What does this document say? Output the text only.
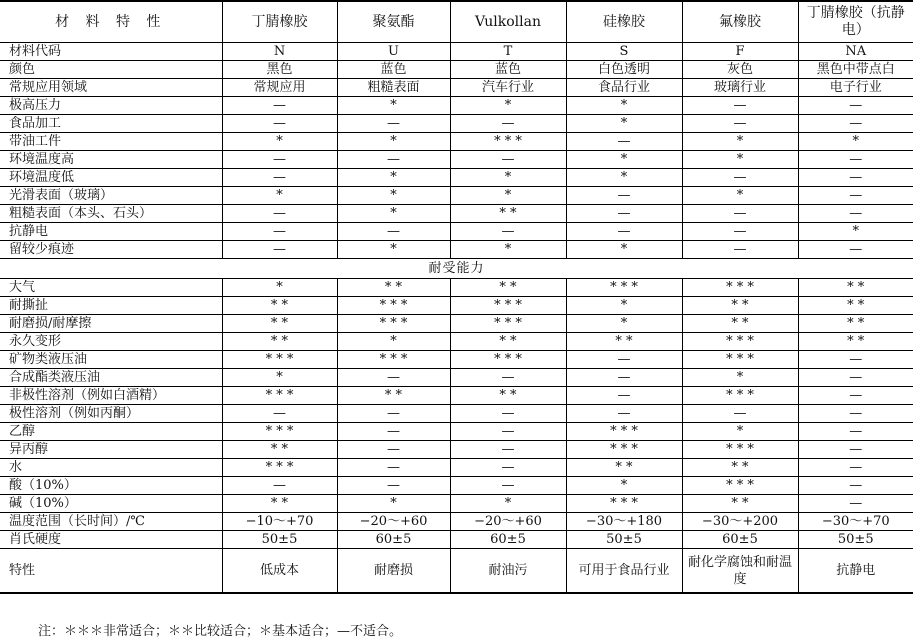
材 料 特 性	丁腈橡胶	聚氨酯	Vulkollan	硅橡胶	氟橡胶	丁腈橡胶（抗静电）
材料代码	N	U	T	S	F	NA
颜色	黑色	蓝色	蓝色	白色透明	灰色	黑色中带点白
常规应用领域	常规应用	粗糙表面	汽车行业	食品行业	玻璃行业	电子行业
极高压力	—	*	*	*	—	—
食品加工	—	—	—	*	—	—
带油工件	*	*	* * *	—	*	*
环境温度高	—	—	—	*	*	—
环境温度低	—	*	*	*	—	—
光滑表面（玻璃）	*	*	*	—	*	—
粗糙表面（本头、石头）	—	*	* *	—	—	—
抗静电	—	—	—	—	—	*
留较少痕迹	—	*	*	*	—	—
耐受能力						
大气	*	* *	* *	* * *	* * *	* *
耐撕扯	* *	* * *	* * *	*	* *	* *
耐磨损/耐摩擦	* *	* * *	* * *	*	* *	* *
永久变形	* *	*	* *	* *	* * *	* *
矿物类液压油	* * *	* * *	* * *	—	* * *	—
合成酯类液压油	*	—	—	—	*	—
非极性溶剂（例如白酒精）	* * *	* *	* *	—	* * *	—
极性溶剂（例如丙酮）	—	—	—	—	—	—
乙醇	* * *	—	—	* * *	*	—
异丙醇	* *	—	—	* * *	* * *	—
水	* * *	—	—	* *	* *	—
酸（10%）	—	—	—	*	* * *	—
碱（10%）	* *	*	*	* * *	* *	—
温度范围（长时间）/℃	−10～+70	−20～+60	−20～+60	−30～+180	−30～+200	−30～+70
肖氏硬度	50±5	60±5	60±5	50±5	60±5	50±5
特性	低成本	耐磨损	耐油污	可用于食品行业	耐化学腐蚀和耐温度	抗静电
注：＊＊＊非常适合；＊＊比较适合；＊基本适合；—不适合。
